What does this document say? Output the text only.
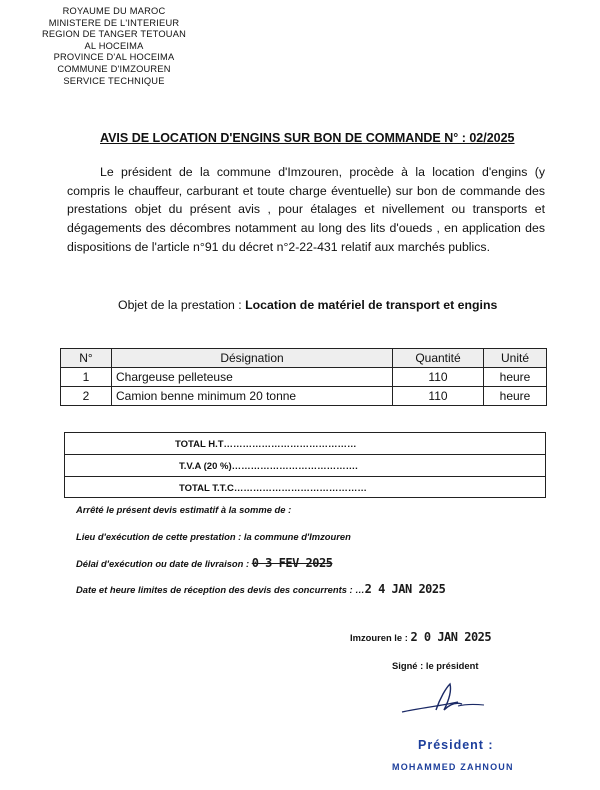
ROYAUME DU MAROC
MINISTERE DE L'INTERIEUR
REGION DE TANGER TETOUAN
AL HOCEIMA
PROVINCE D'AL HOCEIMA
COMMUNE D'IMZOUREN
SERVICE TECHNIQUE
AVIS DE LOCATION D'ENGINS SUR BON DE COMMANDE N° : 02/2025
Le président de la commune d'Imzouren, procède à la location d'engins (y compris le chauffeur, carburant et toute charge éventuelle) sur bon de commande des prestations objet du présent avis , pour étalages et nivellement ou transports et dégagements des décombres notamment au long des lits d'oueds , en application des dispositions de l'article n°91 du décret n°2-22-431 relatif aux marchés publics.
Objet de la prestation : Location de matériel de transport et engins
N°	Désignation	Quantité	Unité
1	Chargeuse pelleteuse	110	heure
2	Camion benne minimum 20 tonne	110	heure
TOTAL H.T……………………………………
T.V.A (20 %)………………………………….
TOTAL T.T.C……………………………………
Arrêté le présent devis estimatif à la somme de :
Lieu d'exécution de cette prestation : la commune d'Imzouren
Délai d'exécution ou date de livraison : 0 3 FEV 2025
Date et heure limites de réception des devis des concurrents : …2 4 JAN 2025
Imzouren le : 2 0 JAN 2025
Signé : le président
Président :
MOHAMMED ZAHNOUN
